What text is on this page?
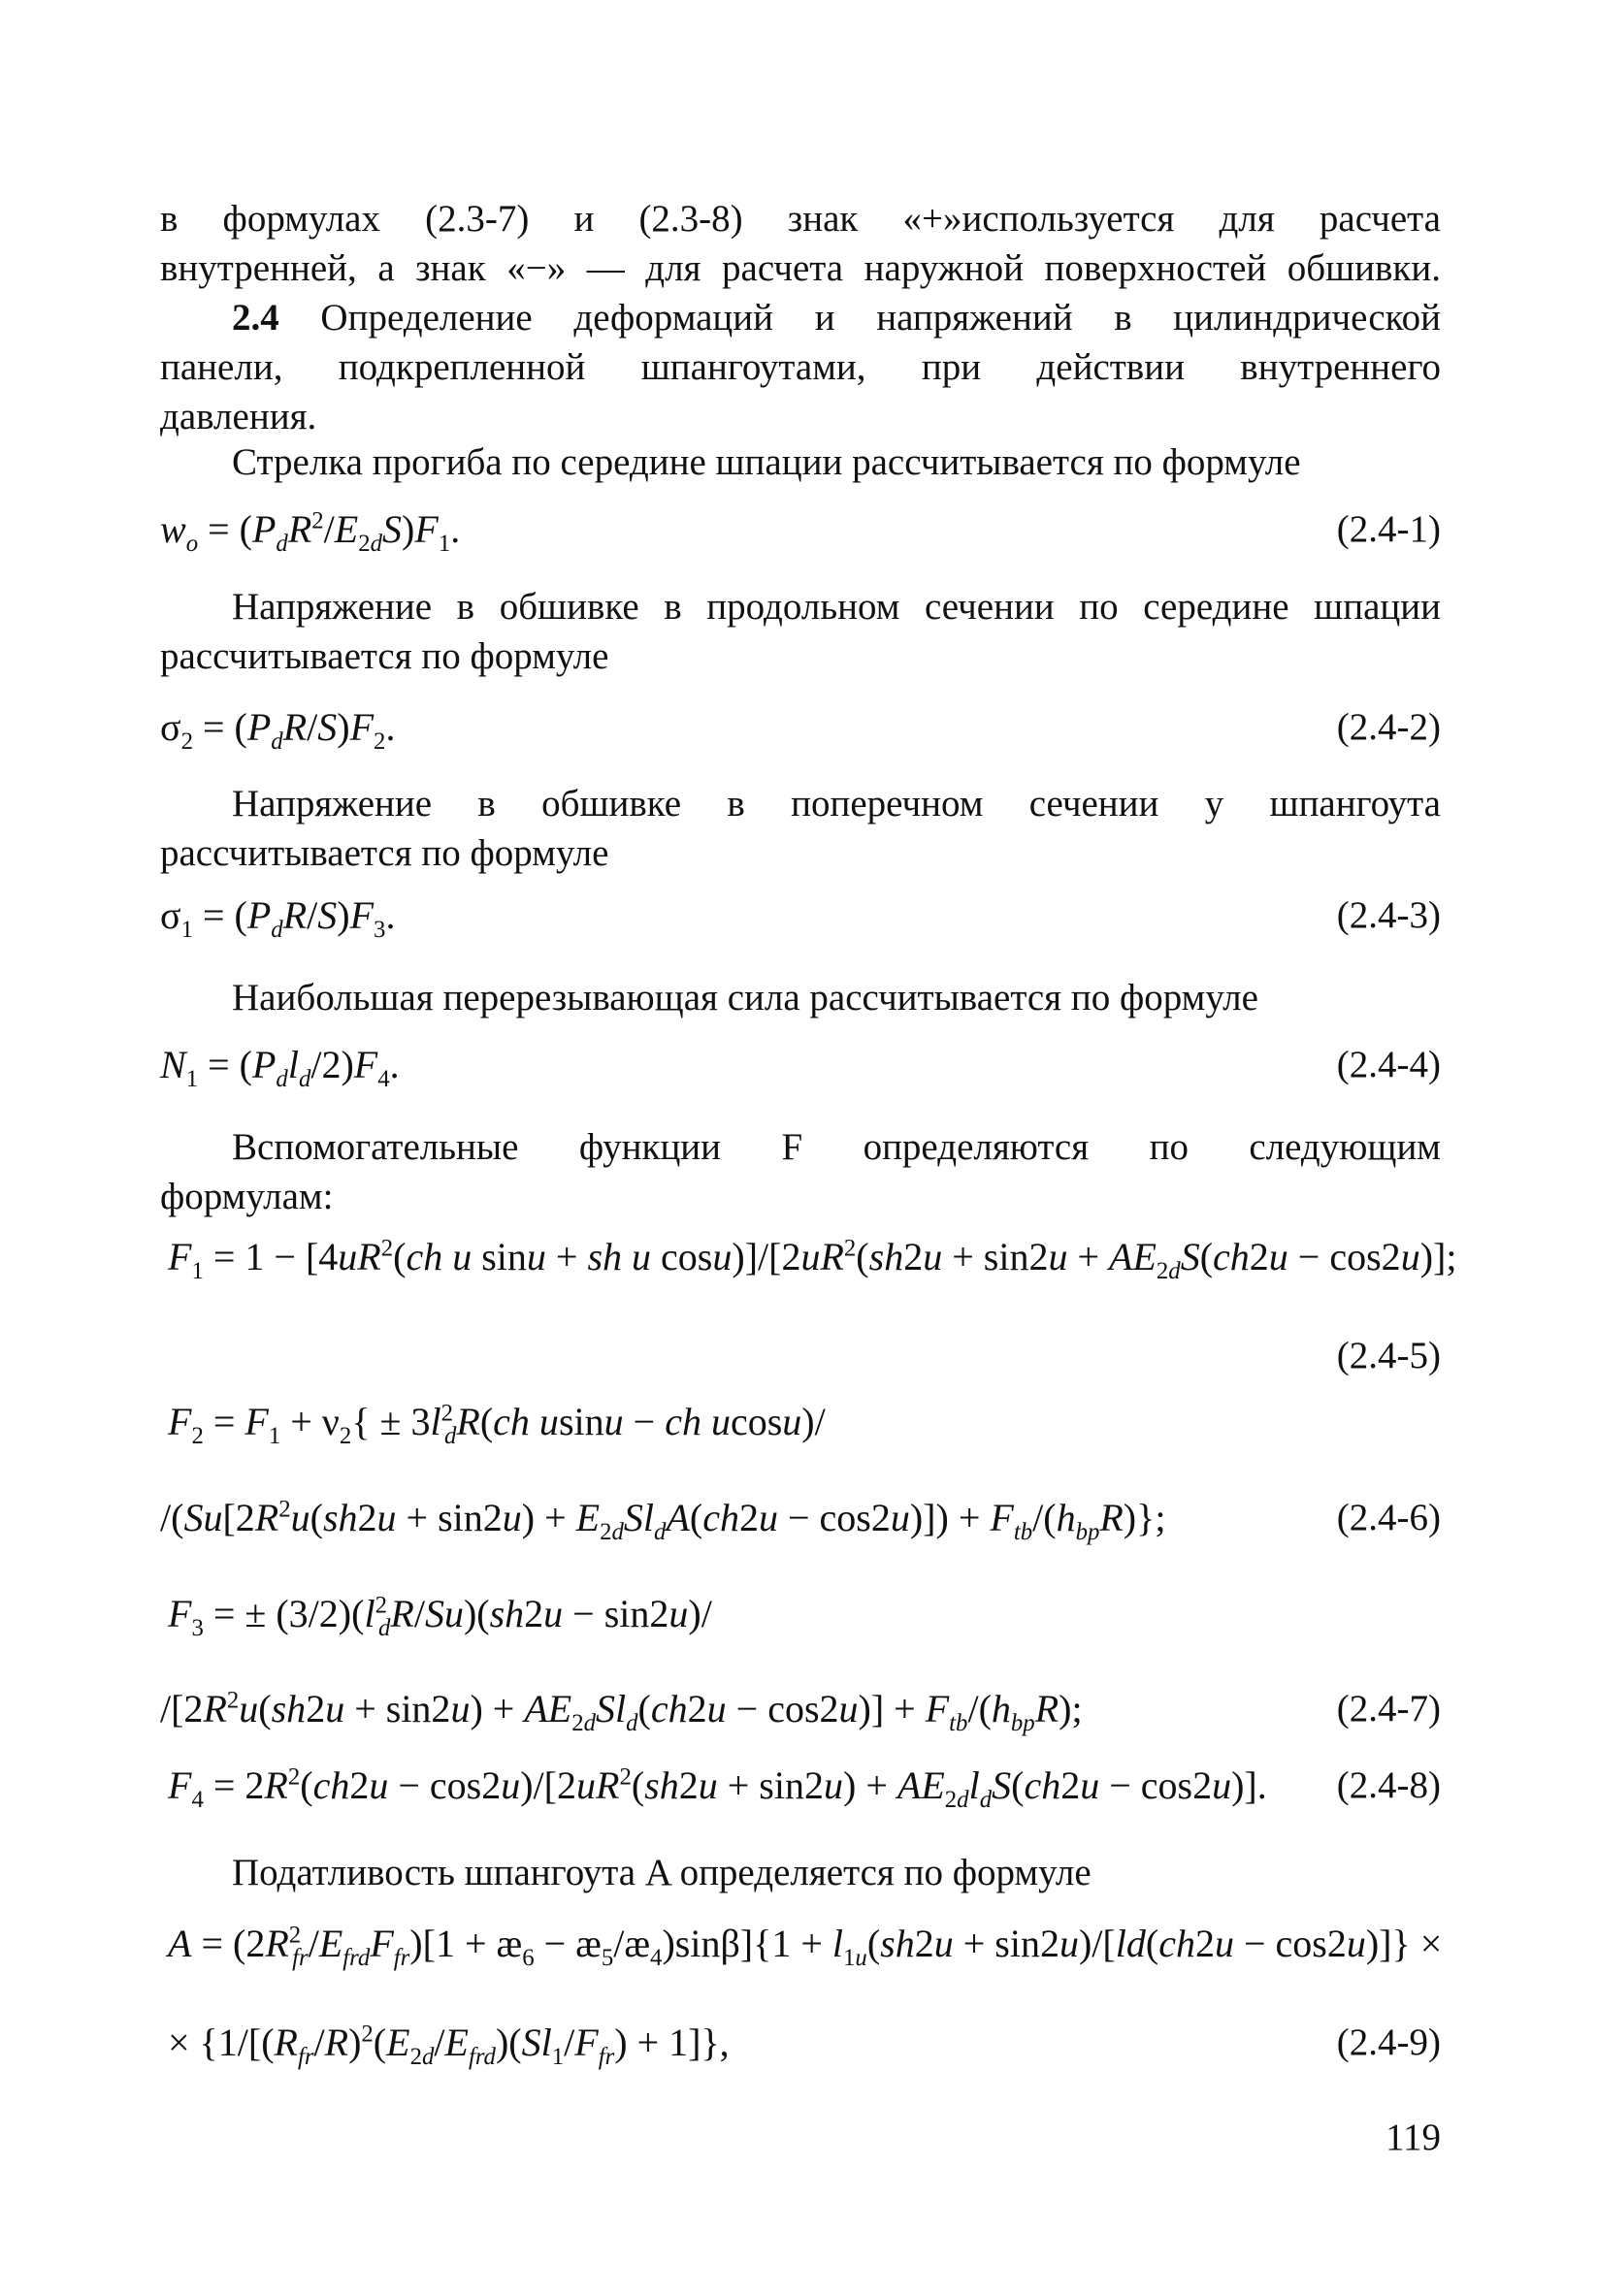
в формулах (2.3-7) и (2.3-8) знак «+»используется для расчета
внутренней, а знак «−» — для расчета наружной поверхностей обшивки.
2.4 Определение деформаций и напряжений в цилиндрической
панели, подкрепленной шпангоутами, при действии внутреннего
давления.
Стрелка прогиба по середине шпации рассчитывается по формуле
$w_o = (P_dR^2/E_{2d}S)F_1$.	(2.4-1)
Напряжение в обшивке в продольном сечении по середине шпации
рассчитывается по формуле
$\sigma_2 = (P_dR/S)F_2$.	(2.4-2)
Напряжение в обшивке в поперечном сечении у шпангоута
рассчитывается по формуле
$\sigma_1 = (P_dR/S)F_3$.	(2.4-3)
Наибольшая перерезывающая сила рассчитывается по формуле
$N_1 = (P_dl_d/2)F_4$.	(2.4-4)
Вспомогательные функции F определяются по следующим
формулам:
$F_1 = 1 - [4uR^2(ch$ u sinu + sh u $\cos u)]/[2uR^2(sh2u + \sin 2u + AE_{2d}S(ch2u - \cos 2u)]$;
(2.4-5)
$F_2 = F_1 + \nu_2\{ \pm 3l^2_dR(ch$ usinu − ch ucosu)/
$/(Su[2R^2u(sh2u + \sin 2u) + E_{2d}Sl_dA(ch2u - \cos 2u)]) + F_{tb}/(h_{bp}R)$};	(2.4-6)
$F_3$ = ± $(3/2)(l^2_dR/Su)(sh2u - \sin 2u)/$
$/[2R^2u(sh2u + \sin 2u) + AE_{2d}Sl_d(ch2u - \cos 2u)] + F_{tb}/(h_{bp}R)$;	(2.4-7)
$F_4 = 2R^2(ch2u - \cos 2u)/[2uR^2(sh2u + \sin 2u) + AE_{2d}l_dS(ch2u - \cos 2u)]$. (2.4-8)
Податливость шпангоута A определяется по формуле
$A = (2R^2_{fr}/E_{frd}F_{fr})[1$ + $æ_6$ − $æ_5/æ_4)\sin\beta]\{1 + l_{1u}(sh2u + \sin 2u)/[ld(ch2u - \cos 2u)]\}$ ×
× $\{1/[(R_{fr}/R)^2(E_{2d}/E_{frd})(Sl_1/F_{fr}) + 1]\}$,	(2.4-9)
119
